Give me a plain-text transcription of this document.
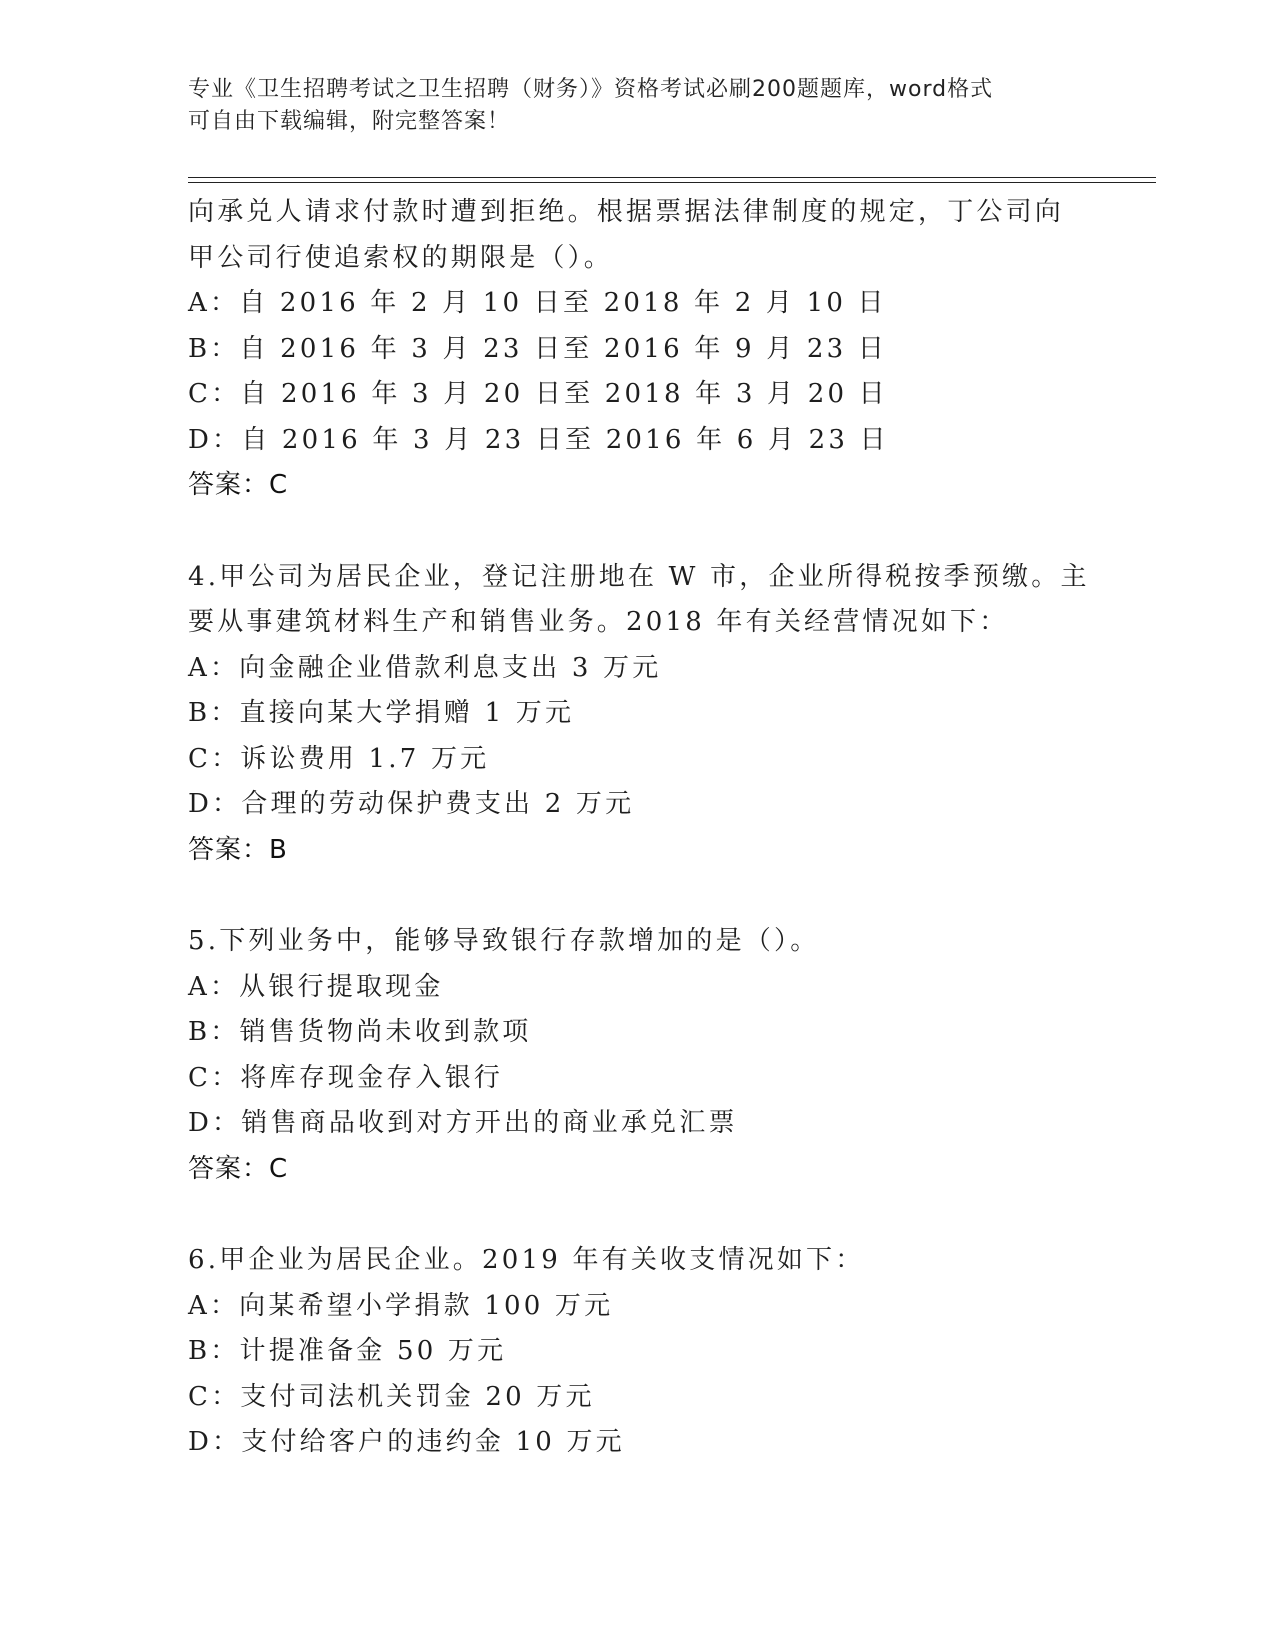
专业《卫生招聘考试之卫生招聘（财务）》资格考试必刷200题题库，word格式
可自由下载编辑，附完整答案！
向承兑人请求付款时遭到拒绝。根据票据法律制度的规定，丁公司向
甲公司行使追索权的期限是（）。
A：自 2016 年 2 月 10 日至 2018 年 2 月 10 日
B：自 2016 年 3 月 23 日至 2016 年 9 月 23 日
C：自 2016 年 3 月 20 日至 2018 年 3 月 20 日
D：自 2016 年 3 月 23 日至 2016 年 6 月 23 日
答案：C
4.甲公司为居民企业，登记注册地在 W 市，企业所得税按季预缴。主
要从事建筑材料生产和销售业务。2018 年有关经营情况如下：
A：向金融企业借款利息支出 3 万元
B：直接向某大学捐赠 1 万元
C：诉讼费用 1.7 万元
D：合理的劳动保护费支出 2 万元
答案：B
5.下列业务中，能够导致银行存款增加的是（）。
A：从银行提取现金
B：销售货物尚未收到款项
C：将库存现金存入银行
D：销售商品收到对方开出的商业承兑汇票
答案：C
6.甲企业为居民企业。2019 年有关收支情况如下：
A：向某希望小学捐款 100 万元
B：计提准备金 50 万元
C：支付司法机关罚金 20 万元
D：支付给客户的违约金 10 万元
